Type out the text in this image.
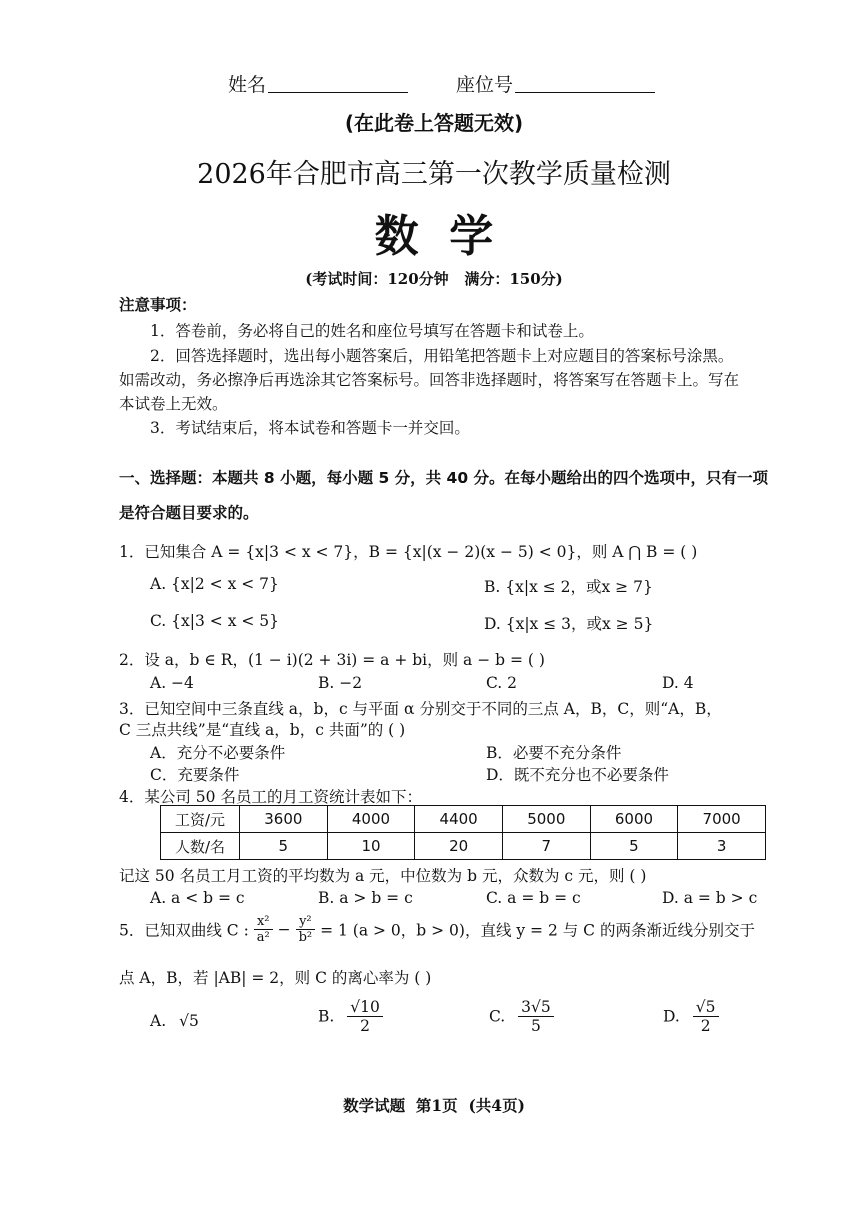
姓名	座位号
(在此卷上答题无效)
2026年合肥市高三第一次教学质量检测
数  学
(考试时间：120分钟   满分：150分)
注意事项：
1．答卷前，务必将自己的姓名和座位号填写在答题卡和试卷上。
2．回答选择题时，选出每小题答案后，用铅笔把答题卡上对应题目的答案标号涂黑。
如需改动，务必擦净后再选涂其它答案标号。回答非选择题时，将答案写在答题卡上。写在
本试卷上无效。
3．考试结束后，将本试卷和答题卡一并交回。
一、选择题：本题共 8 小题，每小题 5 分，共 40 分。在每小题给出的四个选项中，只有一项
是符合题目要求的。
1．已知集合 A = {x|3 < x < 7}，B = {x|(x − 2)(x − 5) < 0}，则 A ⋂ B = ( )
A. {x|2 < x < 7}	B. {x|x ≤ 2，或x ≥ 7}
C. {x|3 < x < 5}	D. {x|x ≤ 3，或x ≥ 5}
2．设 a，b ∈ R，(1 − i)(2 + 3i) = a + bi，则 a − b = ( )
A. −4	B. −2	C. 2	D. 4
3．已知空间中三条直线 a，b，c 与平面 α 分别交于不同的三点 A，B，C，则“A，B，
C 三点共线”是“直线 a，b，c 共面”的 ( )
A．充分不必要条件	B．必要不充分条件
C．充要条件	D．既不充分也不必要条件
4．某公司 50 名员工的月工资统计表如下：
工资/元	3600	4000	4400	5000	6000	7000
人数/名	5	10	20	7	5	3
记这 50 名员工月工资的平均数为 a 元，中位数为 b 元，众数为 c 元，则 ( )
A. a < b = c	B. a > b = c	C. a = b = c	D. a = b > c
5．已知双曲线 C : $\frac{\text{x²}}{\text{a²}} - \frac{\text{y²}}{\text{b²}} = 1$ (a > 0，b > 0)，直线 y = 2 与 C 的两条渐近线分别交于
点 A，B，若 |AB| = 2，则 C 的离心率为 ( )
A. √5	B. $\frac{√10}{2}$	C. $\frac{3√5}{5}$	D. $\frac{√5}{2}$
数学试题  第1页  (共4页)
